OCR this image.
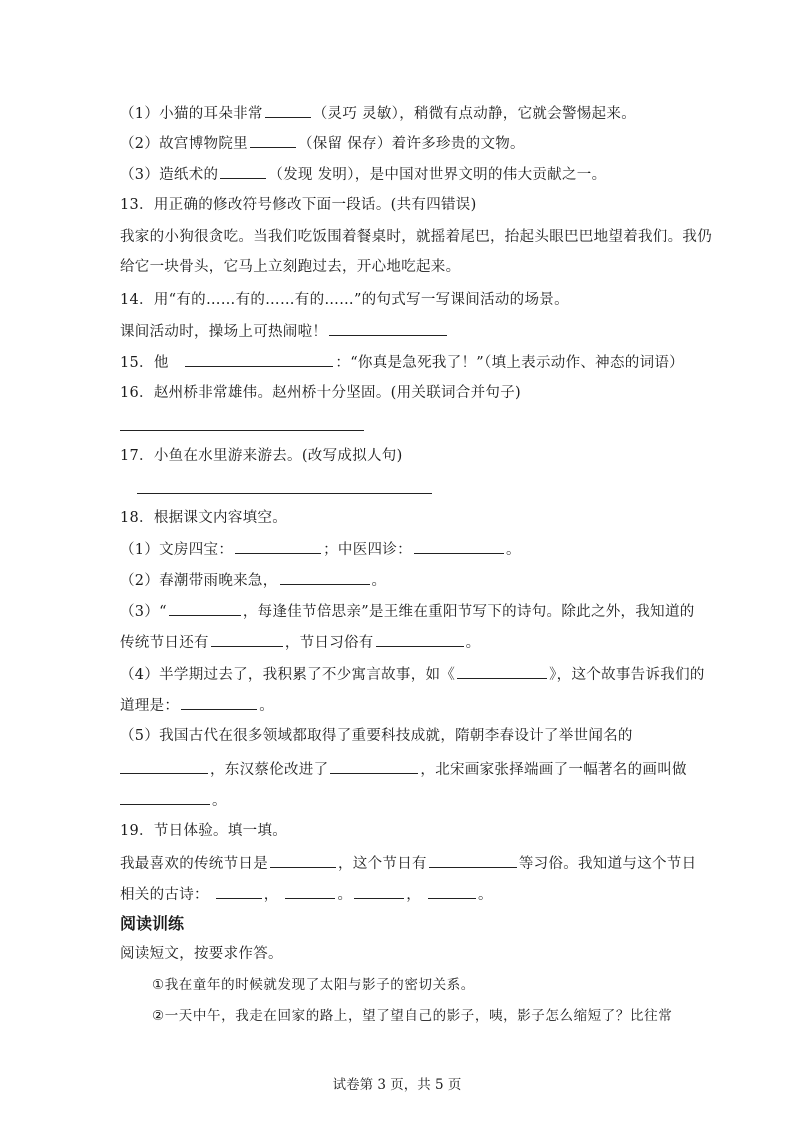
（1）小猫的耳朵非常	（灵巧 灵敏），稍微有点动静，它就会警惕起来。
（2）故宫博物院里	（保留 保存）着许多珍贵的文物。
（3）造纸术的	（发现 发明），是中国对世界文明的伟大贡献之一。
13．用正确的修改符号修改下面一段话。(共有四错误)
我家的小狗很贪吃。当我们吃饭围着餐桌时，就摇着尾巴，抬起头眼巴巴地望着我们。我仍
给它一块骨头，它马上立刻跑过去，开心地吃起来。
14．用“有的……有的……有的……”的句式写一写课间活动的场景。
课间活动时，操场上可热闹啦！
15．他	：“你真是急死我了！”（填上表示动作、神态的词语）
16．赵州桥非常雄伟。赵州桥十分坚固。(用关联词合并句子)
17．小鱼在水里游来游去。(改写成拟人句)
18．根据课文内容填空。
（1）文房四宝：	；中医四诊：	。
（2）春潮带雨晚来急，	。
（3）“	，每逢佳节倍思亲”是王维在重阳节写下的诗句。除此之外，我知道的
传统节日还有	，节日习俗有	。
（4）半学期过去了，我积累了不少寓言故事，如《	》，这个故事告诉我们的
道理是：	。
（5）我国古代在很多领域都取得了重要科技成就，隋朝李春设计了举世闻名的
，东汉蔡伦改进了	，北宋画家张择端画了一幅著名的画叫做
。
19．节日体验。填一填。
我最喜欢的传统节日是	，这个节日有	等习俗。我知道与这个节日
相关的古诗：	，	。	，	。
阅读训练
阅读短文，按要求作答。
①我在童年的时候就发现了太阳与影子的密切关系。
②一天中午，我走在回家的路上，望了望自己的影子，咦，影子怎么缩短了？比往常
试卷第 3 页，共 5 页
